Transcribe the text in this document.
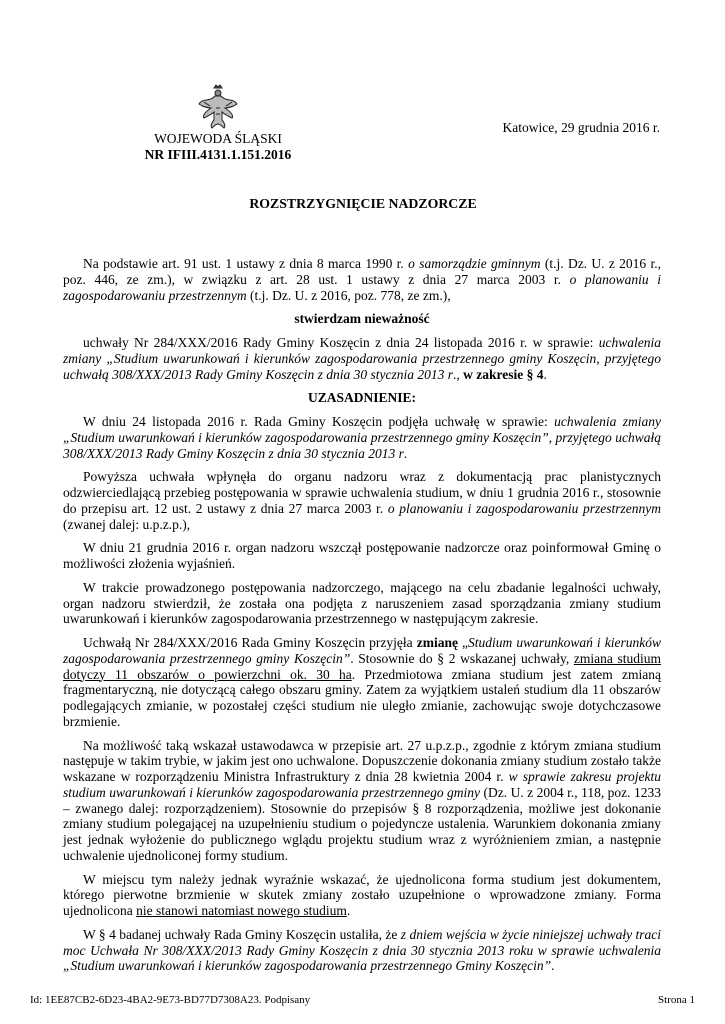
WOJEWODA ŚLĄSKI
NR IFIII.4131.1.151.2016
Katowice, 29 grudnia 2016 r.
ROZSTRZYGNIĘCIE NADZORCZE

Na podstawie art. 91 ust. 1 ustawy z dnia 8 marca 1990 r. o samorządzie gminnym (t.j. Dz. U. z 2016 r., poz. 446, ze zm.), w związku z art. 28 ust. 1 ustawy z dnia 27 marca 2003 r. o planowaniu i zagospodarowaniu przestrzennym (t.j. Dz. U. z 2016, poz. 778, ze zm.),

stwierdzam nieważność

uchwały Nr 284/XXX/2016 Rady Gminy Koszęcin z dnia 24 listopada 2016 r. w sprawie: uchwalenia zmiany „Studium uwarunkowań i kierunków zagospodarowania przestrzennego gminy Koszęcin, przyjętego uchwałą 308/XXX/2013 Rady Gminy Koszęcin z dnia 30 stycznia 2013 r., w zakresie § 4.

UZASADNIENIE:

W dniu 24 listopada 2016 r. Rada Gminy Koszęcin podjęła uchwałę w sprawie: uchwalenia zmiany „Studium uwarunkowań i kierunków zagospodarowania przestrzennego gminy Koszęcin”, przyjętego uchwałą 308/XXX/2013 Rady Gminy Koszęcin z dnia 30 stycznia 2013 r.

Powyższa uchwała wpłynęła do organu nadzoru wraz z dokumentacją prac planistycznych odzwierciedlającą przebieg postępowania w sprawie uchwalenia studium, w dniu 1 grudnia 2016 r., stosownie do przepisu art. 12 ust. 2 ustawy z dnia 27 marca 2003 r. o planowaniu i zagospodarowaniu przestrzennym (zwanej dalej: u.p.z.p.),

W dniu 21 grudnia 2016 r. organ nadzoru wszczął postępowanie nadzorcze oraz poinformował Gminę o możliwości złożenia wyjaśnień.

W trakcie prowadzonego postępowania nadzorczego, mającego na celu zbadanie legalności uchwały, organ nadzoru stwierdził, że została ona podjęta z naruszeniem zasad sporządzania zmiany studium uwarunkowań i kierunków zagospodarowania przestrzennego w następującym zakresie.

Uchwałą Nr 284/XXX/2016 Rada Gminy Koszęcin przyjęła zmianę „Studium uwarunkowań i kierunków zagospodarowania przestrzennego gminy Koszęcin”. Stosownie do § 2 wskazanej uchwały, zmiana studium dotyczy 11 obszarów o powierzchni ok. 30 ha. Przedmiotowa zmiana studium jest zatem zmianą fragmentaryczną, nie dotyczącą całego obszaru gminy. Zatem za wyjątkiem ustaleń studium dla 11 obszarów podlegających zmianie, w pozostałej części studium nie uległo zmianie, zachowując swoje dotychczasowe brzmienie.

Na możliwość taką wskazał ustawodawca w przepisie art. 27 u.p.z.p., zgodnie z którym zmiana studium następuje w takim trybie, w jakim jest ono uchwalone. Dopuszczenie dokonania zmiany studium zostało także wskazane w rozporządzeniu Ministra Infrastruktury z dnia 28 kwietnia 2004 r. w sprawie zakresu projektu studium uwarunkowań i kierunków zagospodarowania przestrzennego gminy (Dz. U. z 2004 r., 118, poz. 1233 – zwanego dalej: rozporządzeniem). Stosownie do przepisów § 8 rozporządzenia, możliwe jest dokonanie zmiany studium polegającej na uzupełnieniu studium o pojedyncze ustalenia. Warunkiem dokonania zmiany jest jednak wyłożenie do publicznego wglądu projektu studium wraz z wyróżnieniem zmian, a następnie uchwalenie ujednoliconej formy studium.

W miejscu tym należy jednak wyraźnie wskazać, że ujednolicona forma studium jest dokumentem, którego pierwotne brzmienie w skutek zmiany zostało uzupełnione o wprowadzone zmiany. Forma ujednolicona nie stanowi natomiast nowego studium.

W § 4 badanej uchwały Rada Gminy Koszęcin ustaliła, że z dniem wejścia w życie niniejszej uchwały traci moc Uchwała Nr 308/XXX/2013 Rady Gminy Koszęcin z dnia 30 stycznia 2013 roku w sprawie uchwalenia „Studium uwarunkowań i kierunków zagospodarowania przestrzennego Gminy Koszęcin”.

Id: 1EE87CB2-6D23-4BA2-9E73-BD77D7308A23. Podpisany	Strona 1
